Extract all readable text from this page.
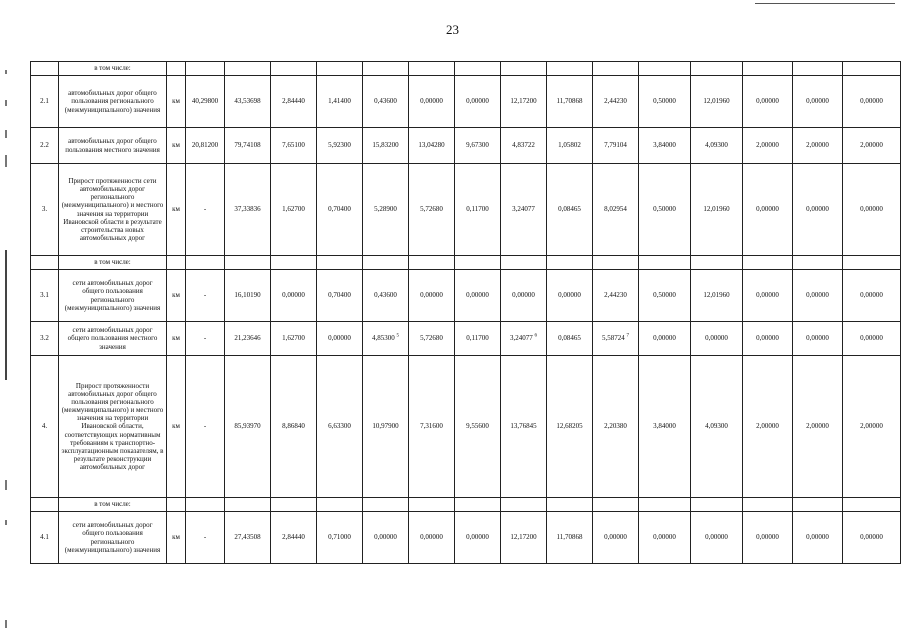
23
	в том числе:																
2.1	автомобильных дорог общего пользования регионального (межмуниципального) значения	км	40,29800	43,53698	2,84440	1,41400	0,43600	0,00000	0,00000	12,17200	11,70868	2,44230	0,50000	12,01960	0,00000	0,00000	0,00000
2.2	автомобильных дорог общего пользования местного значения	км	20,81200	79,74108	7,65100	5,92300	15,83200	13,04280	9,67300	4,83722	1,05802	7,79104	3,84000	4,09300	2,00000	2,00000	2,00000
3.	Прирост протяженности сети автомобильных дорог регионального (межмуниципального) и местного значения на территории Ивановской области в результате строительства новых автомобильных дорог	км	-	37,33836	1,62700	0,70400	5,28900	5,72680	0,11700	3,24077	0,08465	8,02954	0,50000	12,01960	0,00000	0,00000	0,00000
	в том числе:																
3.1	сети автомобильных дорог общего пользования регионального (межмуниципального) значения	км	-	16,10190	0,00000	0,70400	0,43600	0,00000	0,00000	0,00000	0,00000	2,44230	0,50000	12,01960	0,00000	0,00000	0,00000
3.2	сети автомобильных дорог общего пользования местного значения	км	-	21,23646	1,62700	0,00000	4,85300 $^5$	5,72680	0,11700	3,24077 $^6$	0,08465	5,58724 $^7$	0,00000	0,00000	0,00000	0,00000	0,00000
4.	Прирост протяженности автомобильных дорог общего пользования регионального (межмуниципального) и местного значения на территории Ивановской области, соответствующих нормативным требованиям к транспортно-эксплуатационным показателям, в результате реконструкции автомобильных дорог	км	-	85,93970	8,86840	6,63300	10,97900	7,31600	9,55600	13,76845	12,68205	2,20380	3,84000	4,09300	2,00000	2,00000	2,00000
	в том числе:																
4.1	сети автомобильных дорог общего пользования регионального (межмуниципального) значения	км	-	27,43508	2,84440	0,71000	0,00000	0,00000	0,00000	12,17200	11,70868	0,00000	0,00000	0,00000	0,00000	0,00000	0,00000
